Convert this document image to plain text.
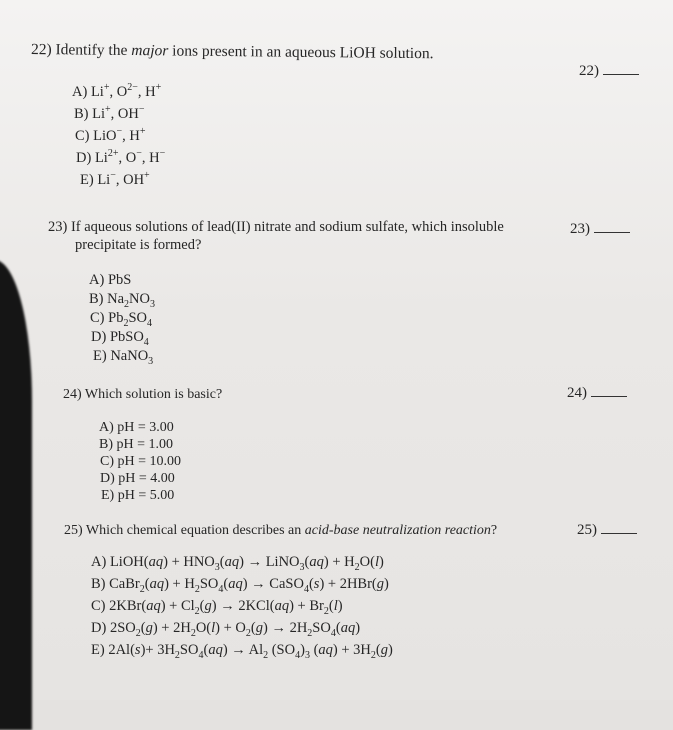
22) Identify the major ions present in an aqueous LiOH solution.
22)
A) Li+, $O^{2-}$, H+
B) Li+, OH−
C) LiO−, H+
D) $Li^{2+}$, O−, H−
E) Li−, OH+
23) If aqueous solutions of lead(II) nitrate and sodium sulfate, which insoluble
precipitate is formed?
23)
A) PbS
B) $Na_2NO_3$
C) $Pb_2SO_4$
D) PbSO$_4$
E) NaNO$_3$
24) Which solution is basic?	24)
A) pH = 3.00
B) pH = 1.00
C) pH = 10.00
D) pH = 4.00
E) pH = 5.00
25) Which chemical equation describes an acid-base neutralization reaction?	25)
A) LiOH(aq) + $HNO_3(aq)$ → LiNO$_3$(aq) + $H_2O(l)$
B) CaBr$_2$(aq) + $H_2SO_4(aq)$ → CaSO$_4$(s) + 2HBr(g)
C) $2KBr(aq) + Cl_2(g) \to 2KCl(aq) + Br_2(l)$
D) $2SO_2(g) + 2H_2O(l) + O_2(g) \to 2H_2SO_4(aq)$
E) $2Al(s)+ 3H_2SO_4(aq) \to Al_2$ $(SO_4)_3$ $(aq) + 3H_2(g)$
